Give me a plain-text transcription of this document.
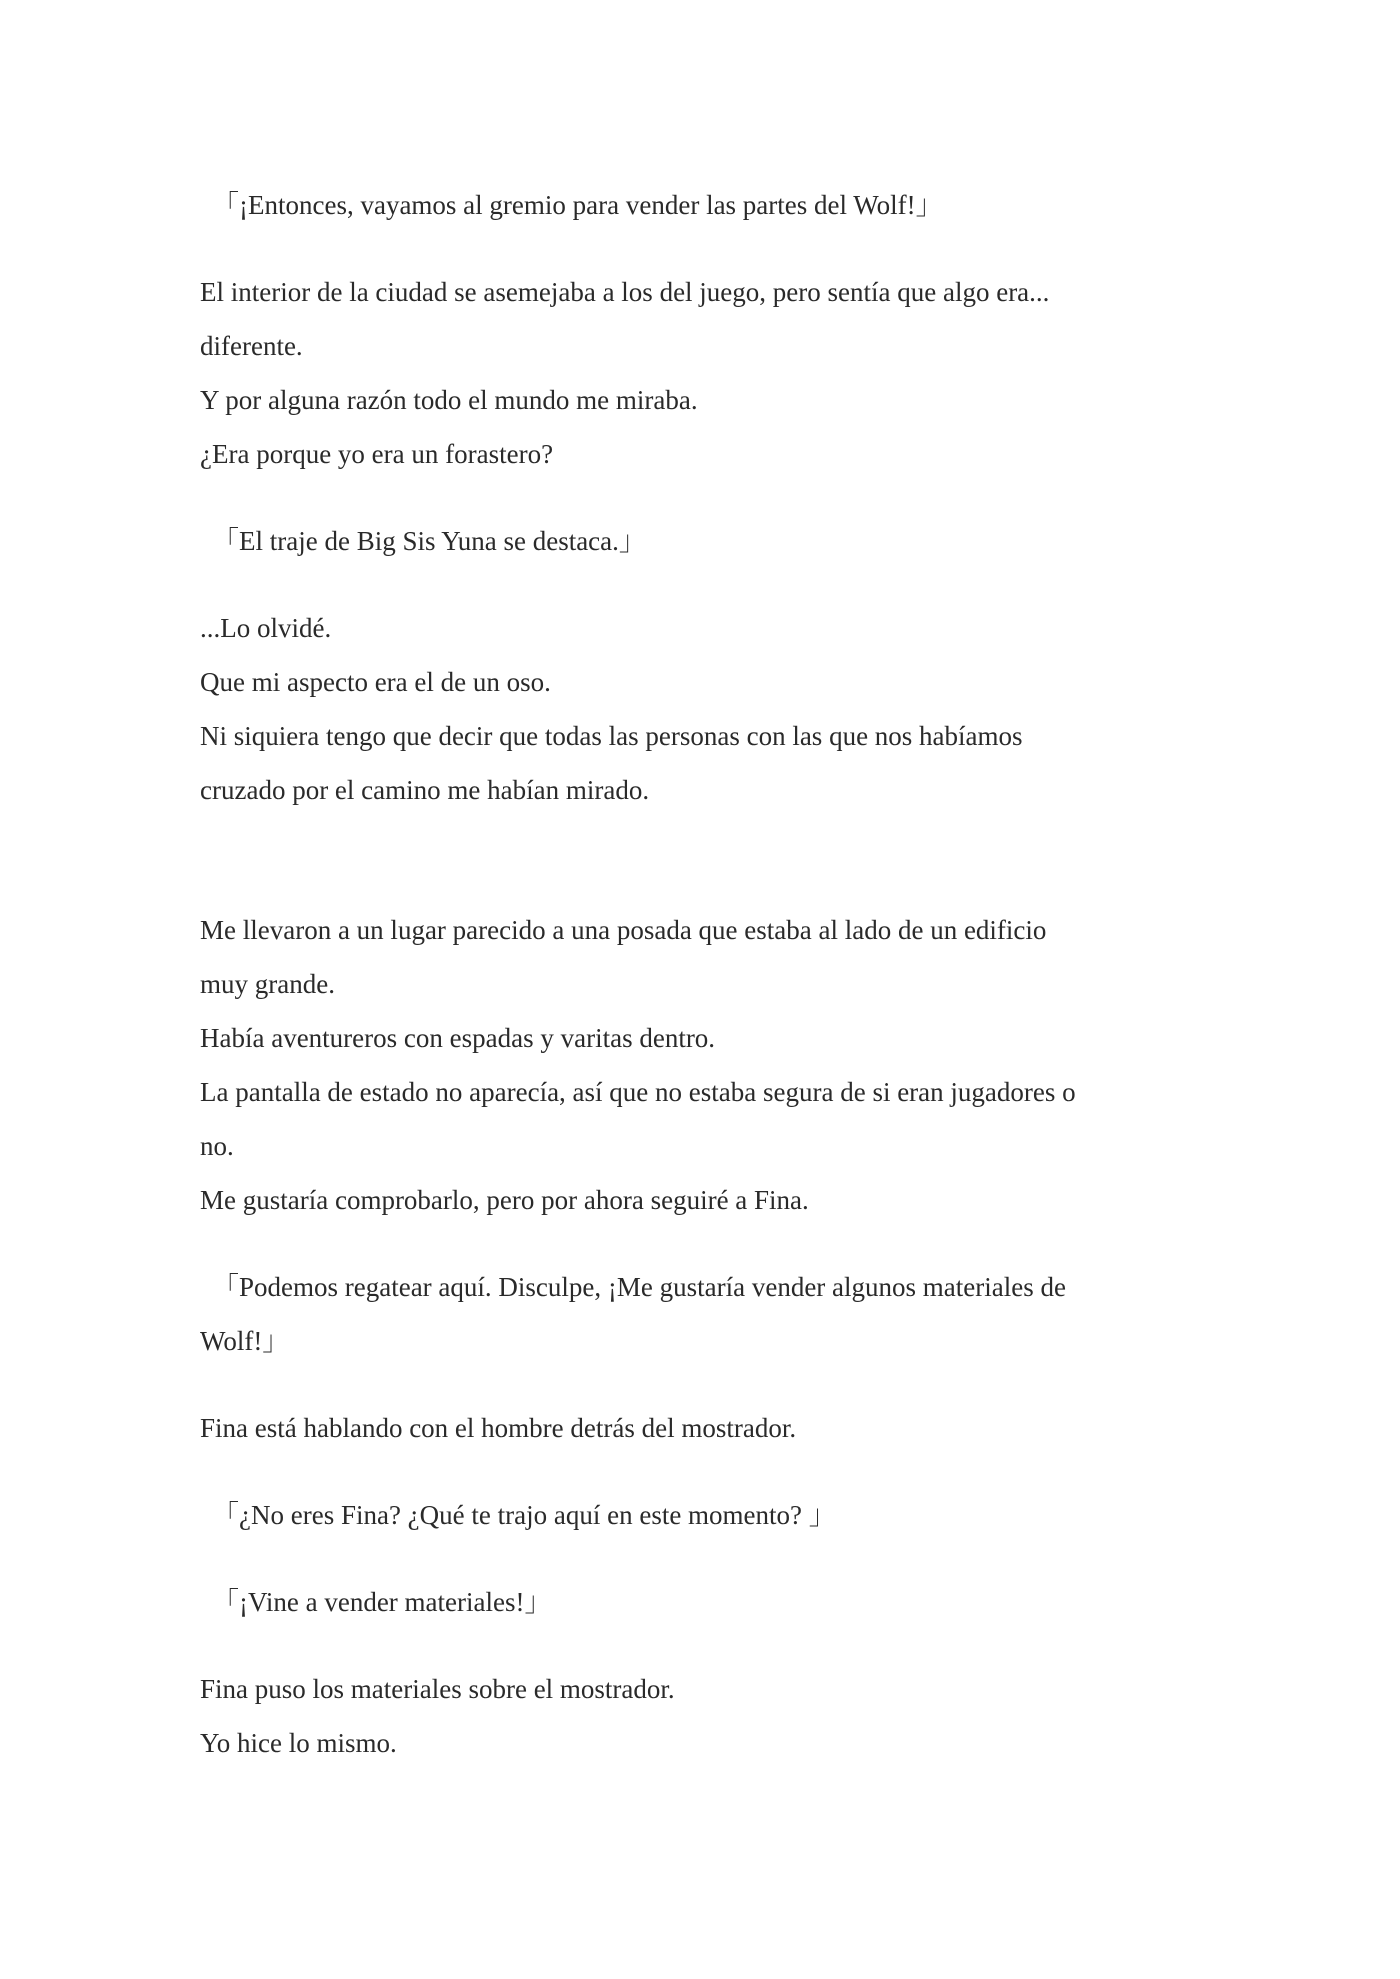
「¡Entonces, vayamos al gremio para vender las partes del Wolf!」
El interior de la ciudad se asemejaba a los del juego, pero sentía que algo era...
diferente.
Y por alguna razón todo el mundo me miraba.
¿Era porque yo era un forastero?
「El traje de Big Sis Yuna se destaca.」
...Lo olvidé.
Que mi aspecto era el de un oso.
Ni siquiera tengo que decir que todas las personas con las que nos habíamos
cruzado por el camino me habían mirado.
Me llevaron a un lugar parecido a una posada que estaba al lado de un edificio
muy grande.
Había aventureros con espadas y varitas dentro.
La pantalla de estado no aparecía, así que no estaba segura de si eran jugadores o
no.
Me gustaría comprobarlo, pero por ahora seguiré a Fina.
「Podemos regatear aquí. Disculpe, ¡Me gustaría vender algunos materiales de
Wolf!」
Fina está hablando con el hombre detrás del mostrador.
「¿No eres Fina? ¿Qué te trajo aquí en este momento? 」
「¡Vine a vender materiales!」
Fina puso los materiales sobre el mostrador.
Yo hice lo mismo.
